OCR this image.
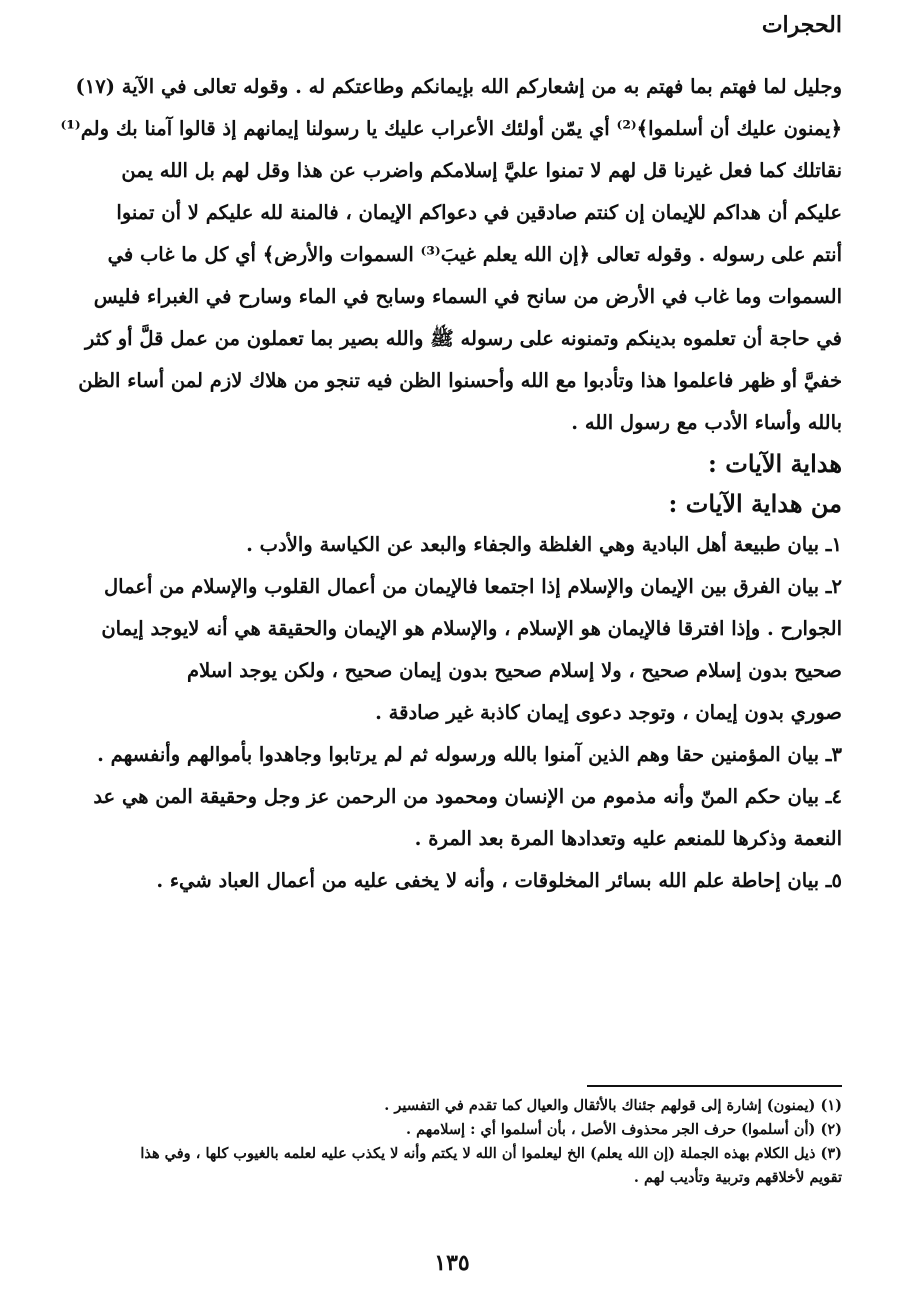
الحجرات
وجليل لما فهتم بما فهتم به من إشعاركم الله بإيمانكم وطاعتكم له . وقوله تعالى في الآية (١٧)
﴿يمنون عليك أن أسلموا﴾⁽²⁾ أي يمّن أولئك الأعراب عليك يا رسولنا إيمانهم إذ قالوا آمنا بك ولم⁽¹⁾
نقاتلك كما فعل غيرنا قل لهم لا تمنوا عليَّ إسلامكم واضرب عن هذا وقل لهم بل الله يمن
عليكم أن هداكم للإيمان إن كنتم صادقين في دعواكم الإيمان ، فالمنة لله عليكم لا أن تمنوا
أنتم على رسوله . وقوله تعالى ﴿إن الله يعلم غيبَ⁽³⁾ السموات والأرض﴾ أي كل ما غاب في
السموات وما غاب في الأرض من سانح في السماء وسابح في الماء وسارح في الغبراء فليس
في حاجة أن تعلموه بدينكم وتمنونه على رسوله ﷺ والله بصير بما تعملون من عمل قلَّ أو كثر
خفيَّ أو ظهر فاعلموا هذا وتأدبوا مع الله وأحسنوا الظن فيه تنجو من هلاك لازم لمن أساء الظن
بالله وأساء الأدب مع رسول الله .
هداية الآيات :
من هداية الآيات :
١ـ بيان طبيعة أهل البادية وهي الغلظة والجفاء والبعد عن الكياسة والأدب .
٢ـ بيان الفرق بين الإيمان والإسلام إذا اجتمعا فالإيمان من أعمال القلوب والإسلام من أعمال
الجوارح . وإذا افترقا فالإيمان هو الإسلام ، والإسلام هو الإيمان والحقيقة هي أنه لايوجد إيمان
صحيح بدون إسلام صحيح ، ولا إسلام صحيح بدون إيمان صحيح ، ولكن يوجد اسلام
صوري بدون إيمان ، وتوجد دعوى إيمان كاذبة غير صادقة .
٣ـ بيان المؤمنين حقا وهم الذين آمنوا بالله ورسوله ثم لم يرتابوا وجاهدوا بأموالهم وأنفسهم .
٤ـ بيان حكم المنّ وأنه مذموم من الإنسان ومحمود من الرحمن عز وجل وحقيقة المن هي عد
النعمة وذكرها للمنعم عليه وتعدادها المرة بعد المرة .
٥ـ بيان إحاطة علم الله بسائر المخلوقات ، وأنه لا يخفى عليه من أعمال العباد شيء .
(١) (يمنون) إشارة إلى قولهم جئناك بالأثقال والعيال كما تقدم في التفسير .
(٢) (أن أسلموا) حرف الجر محذوف الأصل ، بأن أسلموا أي : إسلامهم .
(٣) ذيل الكلام بهذه الجملة (إن الله يعلم) الخ ليعلموا أن الله لا يكتم وأنه لا يكذب عليه لعلمه بالغيوب كلها ، وفي هذا
تقويم لأخلاقهم وتربية وتأديب لهم .
١٣٥
